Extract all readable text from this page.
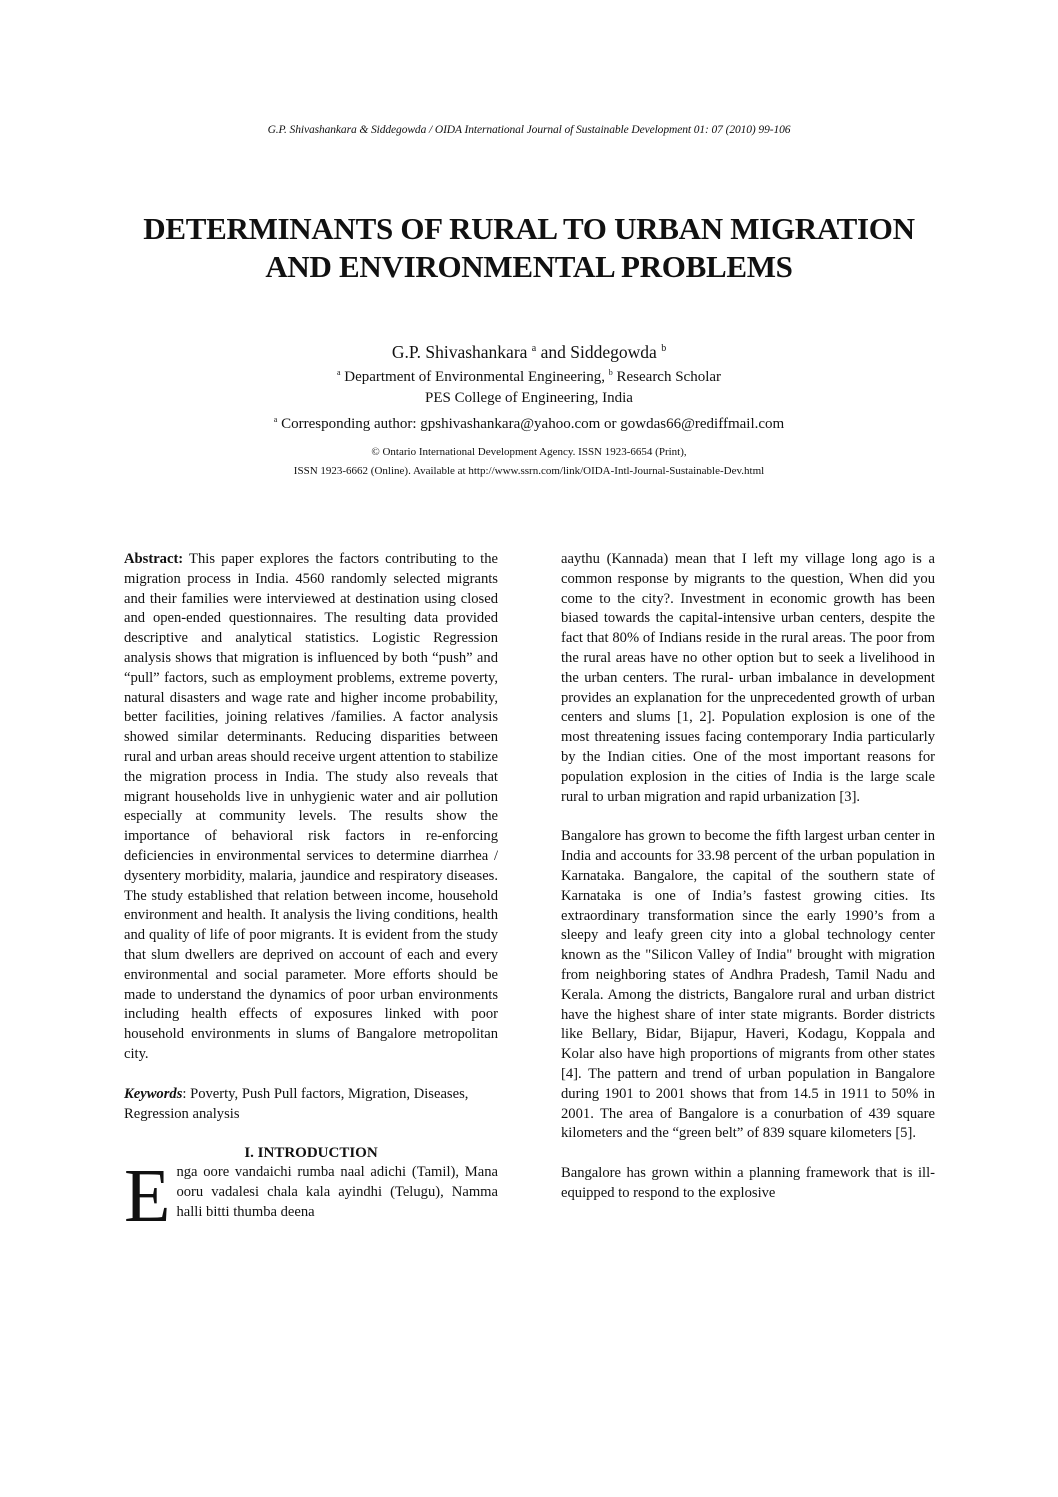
G.P. Shivashankara & Siddegowda / OIDA International Journal of Sustainable Development 01: 07 (2010) 99-106
DETERMINANTS OF RURAL TO URBAN MIGRATION
AND ENVIRONMENTAL PROBLEMS
G.P. Shivashankara $^a$ and Siddegowda $^b$
$^a$ Department of Environmental Engineering, $^b$ Research Scholar
PES College of Engineering, India
$^a$ Corresponding author: gpshivashankara@yahoo.com or gowdas66@rediffmail.com
© Ontario International Development Agency. ISSN 1923-6654 (Print),
ISSN 1923-6662 (Online). Available at http://www.ssrn.com/link/OIDA-Intl-Journal-Sustainable-Dev.html

Abstract: This paper explores the factors contributing to the migration process in India. 4560 randomly selected migrants and their families were interviewed at destination using closed and open-ended questionnaires. The resulting data provided descriptive and analytical statistics. Logistic Regression analysis shows that migration is influenced by both “push” and “pull” factors, such as employment problems, extreme poverty, natural disasters and wage rate and higher income probability, better facilities, joining relatives /families. A factor analysis showed similar determinants. Reducing disparities between rural and urban areas should receive urgent attention to stabilize the migration process in India. The study also reveals that migrant households live in unhygienic water and air pollution especially at community levels. The results show the importance of behavioral risk factors in re-enforcing deficiencies in environmental services to determine diarrhea / dysentery morbidity, malaria, jaundice and respiratory diseases. The study established that relation between income, household environment and health. It analysis the living conditions, health and quality of life of poor migrants. It is evident from the study that slum dwellers are deprived on account of each and every environmental and social parameter. More efforts should be made to understand the dynamics of poor urban environments including health effects of exposures linked with poor household environments in slums of Bangalore metropolitan city.

Keywords: Poverty, Push Pull factors, Migration, Diseases, Regression analysis

I. INTRODUCTION

Enga oore vandaichi rumba naal adichi (Tamil), Mana ooru vadalesi chala kala ayindhi (Telugu), Namma halli bitti thumba deena

aaythu (Kannada) mean that I left my village long ago is a common response by migrants to the question, When did you come to the city?. Investment in economic growth has been biased towards the capital-intensive urban centers, despite the fact that 80% of Indians reside in the rural areas. The poor from the rural areas have no other option but to seek a livelihood in the urban centers. The rural- urban imbalance in development provides an explanation for the unprecedented growth of urban centers and slums [1, 2]. Population explosion is one of the most threatening issues facing contemporary India particularly by the Indian cities. One of the most important reasons for population explosion in the cities of India is the large scale rural to urban migration and rapid urbanization [3].

Bangalore has grown to become the fifth largest urban center in India and accounts for 33.98 percent of the urban population in Karnataka. Bangalore, the capital of the southern state of Karnataka is one of India’s fastest growing cities. Its extraordinary transformation since the early 1990’s from a sleepy and leafy green city into a global technology center known as the "Silicon Valley of India" brought with migration from neighboring states of Andhra Pradesh, Tamil Nadu and Kerala. Among the districts, Bangalore rural and urban district have the highest share of inter state migrants. Border districts like Bellary, Bidar, Bijapur, Haveri, Kodagu, Koppala and Kolar also have high proportions of migrants from other states [4]. The pattern and trend of urban population in Bangalore during 1901 to 2001 shows that from 14.5 in 1911 to 50% in 2001. The area of Bangalore is a conurbation of 439 square kilometers and the “green belt” of 839 square kilometers [5].

Bangalore has grown within a planning framework that is ill-equipped to respond to the explosive
